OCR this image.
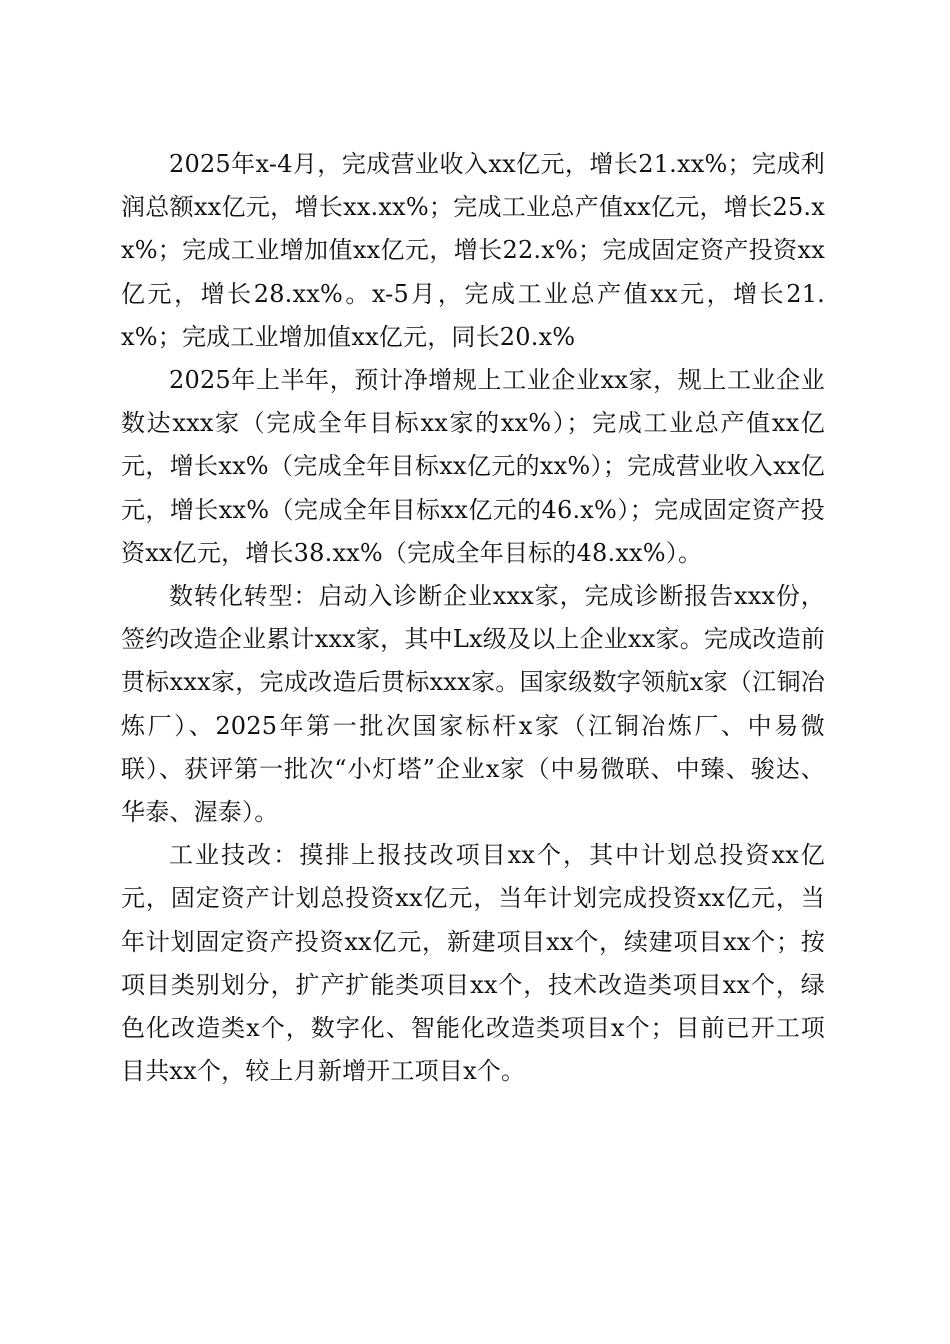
2025年x-4月，完成营业收入xx亿元，增长21.xx%；完成利润总额xx亿元，增长xx.xx%；完成工业总产值xx亿元，增长25.xx%；完成工业增加值xx亿元，增长22.x%；完成固定资产投资xx亿元，增长28.xx%。x-5月，完成工业总产值xx元，增长21.x%；完成工业增加值xx亿元，同长20.x%

2025年上半年，预计净增规上工业企业xx家，规上工业企业数达xxx家（完成全年目标xx家的xx%）；完成工业总产值xx亿元，增长xx%（完成全年目标xx亿元的xx%）；完成营业收入xx亿元，增长xx%（完成全年目标xx亿元的46.x%）；完成固定资产投资xx亿元，增长38.xx%（完成全年目标的48.xx%）。

数转化转型：启动入诊断企业xxx家，完成诊断报告xxx份，签约改造企业累计xxx家，其中Lx级及以上企业xx家。完成改造前贯标xxx家，完成改造后贯标xxx家。国家级数字领航x家（江铜冶炼厂）、2025年第一批次国家标杆x家（江铜冶炼厂、中易微联）、获评第一批次“小灯塔”企业x家（中易微联、中臻、骏达、华泰、渥泰）。

工业技改：摸排上报技改项目xx个，其中计划总投资xx亿元，固定资产计划总投资xx亿元，当年计划完成投资xx亿元，当年计划固定资产投资xx亿元，新建项目xx个，续建项目xx个；按项目类别划分，扩产扩能类项目xx个，技术改造类项目xx个，绿色化改造类x个，数字化、智能化改造类项目x个；目前已开工项目共xx个，较上月新增开工项目x个。
